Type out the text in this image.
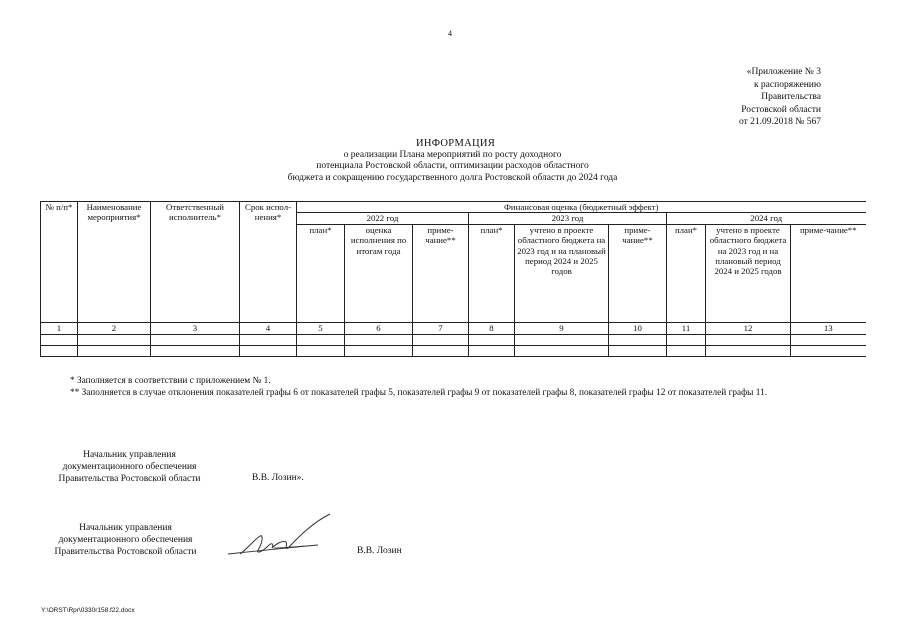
4
«Приложение № 3
к распоряжению
Правительства
Ростовской области
от 21.09.2018 № 567
ИНФОРМАЦИЯ
о реализации Плана мероприятий по росту доходного
потенциала Ростовской области, оптимизации расходов областного
бюджета и сокращению государственного долга Ростовской области до 2024 года
№ п/п*	Наименование мероприятия*	Ответственный исполнитель*	Срок испол-нения*	Финансовая оценка (бюджетный эффект)								
				2022 год			2023 год			2024 год		
				план*	оценка исполнения по итогам года	приме-чание**	план*	учтено в проекте областного бюджета на 2023 год и на плановый период 2024 и 2025 годов	приме-чание**	план*	учтено в проекте областного бюджета на 2023 год и на плановый период 2024 и 2025 годов	приме-чание**
1	2	3	4	5	6	7	8	9	10	11	12	13

* Заполняется в соответствии с приложением № 1.

** Заполняется в случае отклонения показателей графы 6 от показателей графы 5, показателей графы 9 от показателей графы 8, показателей графы 12 от показателей графы 11.

Начальник управления
документационного обеспечения
Правительства Ростовской области	В.В. Лозин».
Начальник управления
документационного обеспечения
Правительства Ростовской области	В.В. Лозин
Y:\ORST\Rpr\0330r158.f22.docx
